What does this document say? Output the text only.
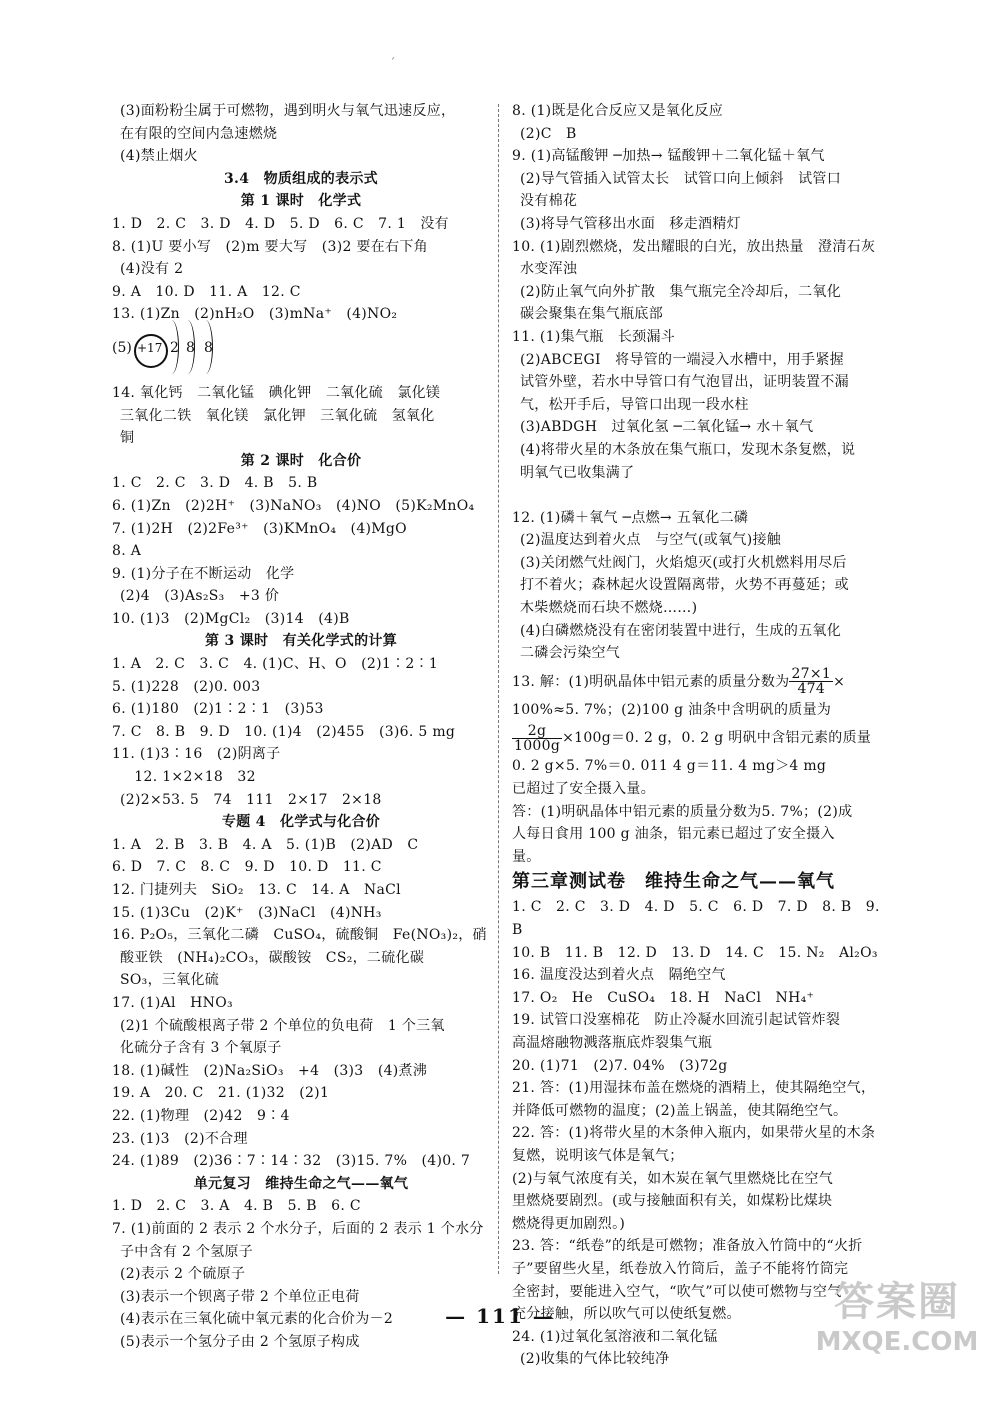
ˊ
(3)面粉粉尘属于可燃物，遇到明火与氧气迅速反应，
在有限的空间内急速燃烧
(4)禁止烟火
3.4　物质组成的表示式
第 1 课时　化学式
1. D　2. C　3. D　4. D　5. D　6. C　7. 1　没有
8. (1)U 要小写　(2)m 要大写　(3)2 要在右下角
(4)没有 2
9. A　10. D　11. A　12. C
13. (1)Zn　(2)nH₂O　(3)mNa⁺　(4)NO₂
(5) +17 2 8 8
14. 氧化钙　二氧化锰　碘化钾　二氧化硫　氯化镁
三氧化二铁　氧化镁　氯化钾　三氧化硫　氢氧化
铜
第 2 课时　化合价
1. C　2. C　3. D　4. B　5. B
6. (1)Zn　(2)2H⁺　(3)NaNO₃　(4)NO　(5)K₂MnO₄
7. (1)2H　(2)2Fe³⁺　(3)KMnO₄　(4)MgO
8. A
9. (1)分子在不断运动　化学
(2)4　(3)As₂S₃　+3 价
10. (1)3　(2)MgCl₂　(3)14　(4)B
第 3 课时　有关化学式的计算
1. A　2. C　3. C　4. (1)C、H、O　(2)1∶2∶1
5. (1)228　(2)0. 003
6. (1)180　(2)1∶2∶1　(3)53
7. C　8. B　9. D　10. (1)4　(2)455　(3)6. 5 mg
11. (1)3∶16　(2)阴离子
　12. 1×2×18　32
(2)2×53. 5　74　111　2×17　2×18
专题 4　化学式与化合价
1. A　2. B　3. B　4. A　5. (1)B　(2)AD　C
6. D　7. C　8. C　9. D　10. D　11. C
12. 门捷列夫　SiO₂　13. C　14. A　NaCl
15. (1)3Cu　(2)K⁺　(3)NaCl　(4)NH₃
16. P₂O₅，三氧化二磷　CuSO₄，硫酸铜　Fe(NO₃)₂，硝
酸亚铁　(NH₄)₂CO₃，碳酸铵　CS₂，二硫化碳
SO₃，三氧化硫
17. (1)Al　HNO₃
(2)1 个硫酸根离子带 2 个单位的负电荷　1 个三氧
化硫分子含有 3 个氧原子
18. (1)碱性　(2)Na₂SiO₃　+4　(3)3　(4)煮沸
19. A　20. C　21. (1)32　(2)1
22. (1)物理　(2)42　9∶4
23. (1)3　(2)不合理
24. (1)89　(2)36∶7∶14∶32　(3)15. 7%　(4)0. 7
单元复习　维持生命之气——氧气
1. D　2. C　3. A　4. B　5. B　6. C
7. (1)前面的 2 表示 2 个水分子，后面的 2 表示 1 个水分
子中含有 2 个氢原子
(2)表示 2 个硫原子
(3)表示一个钡离子带 2 个单位正电荷
(4)表示在三氧化硫中氧元素的化合价为－2
(5)表示一个氢分子由 2 个氢原子构成
8. (1)既是化合反应又是氧化反应
(2)C　B
9. (1)高锰酸钾 ─加热→ 锰酸钾＋二氧化锰＋氧气
(2)导气管插入试管太长　试管口向上倾斜　试管口
没有棉花
(3)将导气管移出水面　移走酒精灯
10. (1)剧烈燃烧，发出耀眼的白光，放出热量　澄清石灰
水变浑浊
(2)防止氧气向外扩散　集气瓶完全冷却后，二氧化
碳会聚集在集气瓶底部
11. (1)集气瓶　长颈漏斗
(2)ABCEGI　将导管的一端浸入水槽中，用手紧握
试管外壁，若水中导管口有气泡冒出，证明装置不漏
气，松开手后，导管口出现一段水柱
(3)ABDGH　过氧化氢 ─二氧化锰→ 水＋氧气
(4)将带火星的木条放在集气瓶口，发现木条复燃，说
明氧气已收集满了

12. (1)磷＋氧气 ─点燃→ 五氧化二磷
(2)温度达到着火点　与空气(或氧气)接触
(3)关闭燃气灶阀门，火焰熄灭(或打火机燃料用尽后
打不着火；森林起火设置隔离带，火势不再蔓延；或
木柴燃烧而石块不燃烧……)
(4)白磷燃烧没有在密闭装置中进行，生成的五氧化
二磷会污染空气
13. 解：(1)明矾晶体中铝元素的质量分数为 $\frac{27\times 1}{474}$ ×
100%≈5. 7%；(2)100 g 油条中含明矾的质量为
$\frac{2g}{1000g} \times 100g=0$. 2 g，0. 2 g 明矾中含铝元素的质量
0. 2 g×5. 7%＝0. 011 4 g＝11. 4 mg＞4 mg
已超过了安全摄入量。
答：(1)明矾晶体中铝元素的质量分数为5. 7%；(2)成
人每日食用 100 g 油条，铝元素已超过了安全摄入
量。
第三章测试卷　维持生命之气——氧气
1. C　2. C　3. D　4. D　5. C　6. D　7. D　8. B　9. B
10. B　11. B　12. D　13. D　14. C　15. N₂　Al₂O₃
16. 温度没达到着火点　隔绝空气
17. O₂　He　CuSO₄　18. H　NaCl　NH₄⁺
19. 试管口没塞棉花　防止冷凝水回流引起试管炸裂
高温熔融物溅落瓶底炸裂集气瓶
20. (1)71　(2)7. 04%　(3)72g
21. 答：(1)用湿抹布盖在燃烧的酒精上，使其隔绝空气，
并降低可燃物的温度；(2)盖上锅盖，使其隔绝空气。
22. 答：(1)将带火星的木条伸入瓶内，如果带火星的木条
复燃，说明该气体是氧气；
(2)与氧气浓度有关，如木炭在氧气里燃烧比在空气
里燃烧要剧烈。(或与接触面积有关，如煤粉比煤块
燃烧得更加剧烈。)
23. 答：“纸卷”的纸是可燃物；准备放入竹筒中的“火折
子”要留些火星，纸卷放入竹筒后，盖子不能将竹筒完
全密封，要能进入空气，“吹气”可以使可燃物与空气
充分接触，所以吹气可以使纸复燃。
24. (1)过氧化氢溶液和二氧化锰
(2)收集的气体比较纯净
— 111 —	答案圈
MXQE.COM
